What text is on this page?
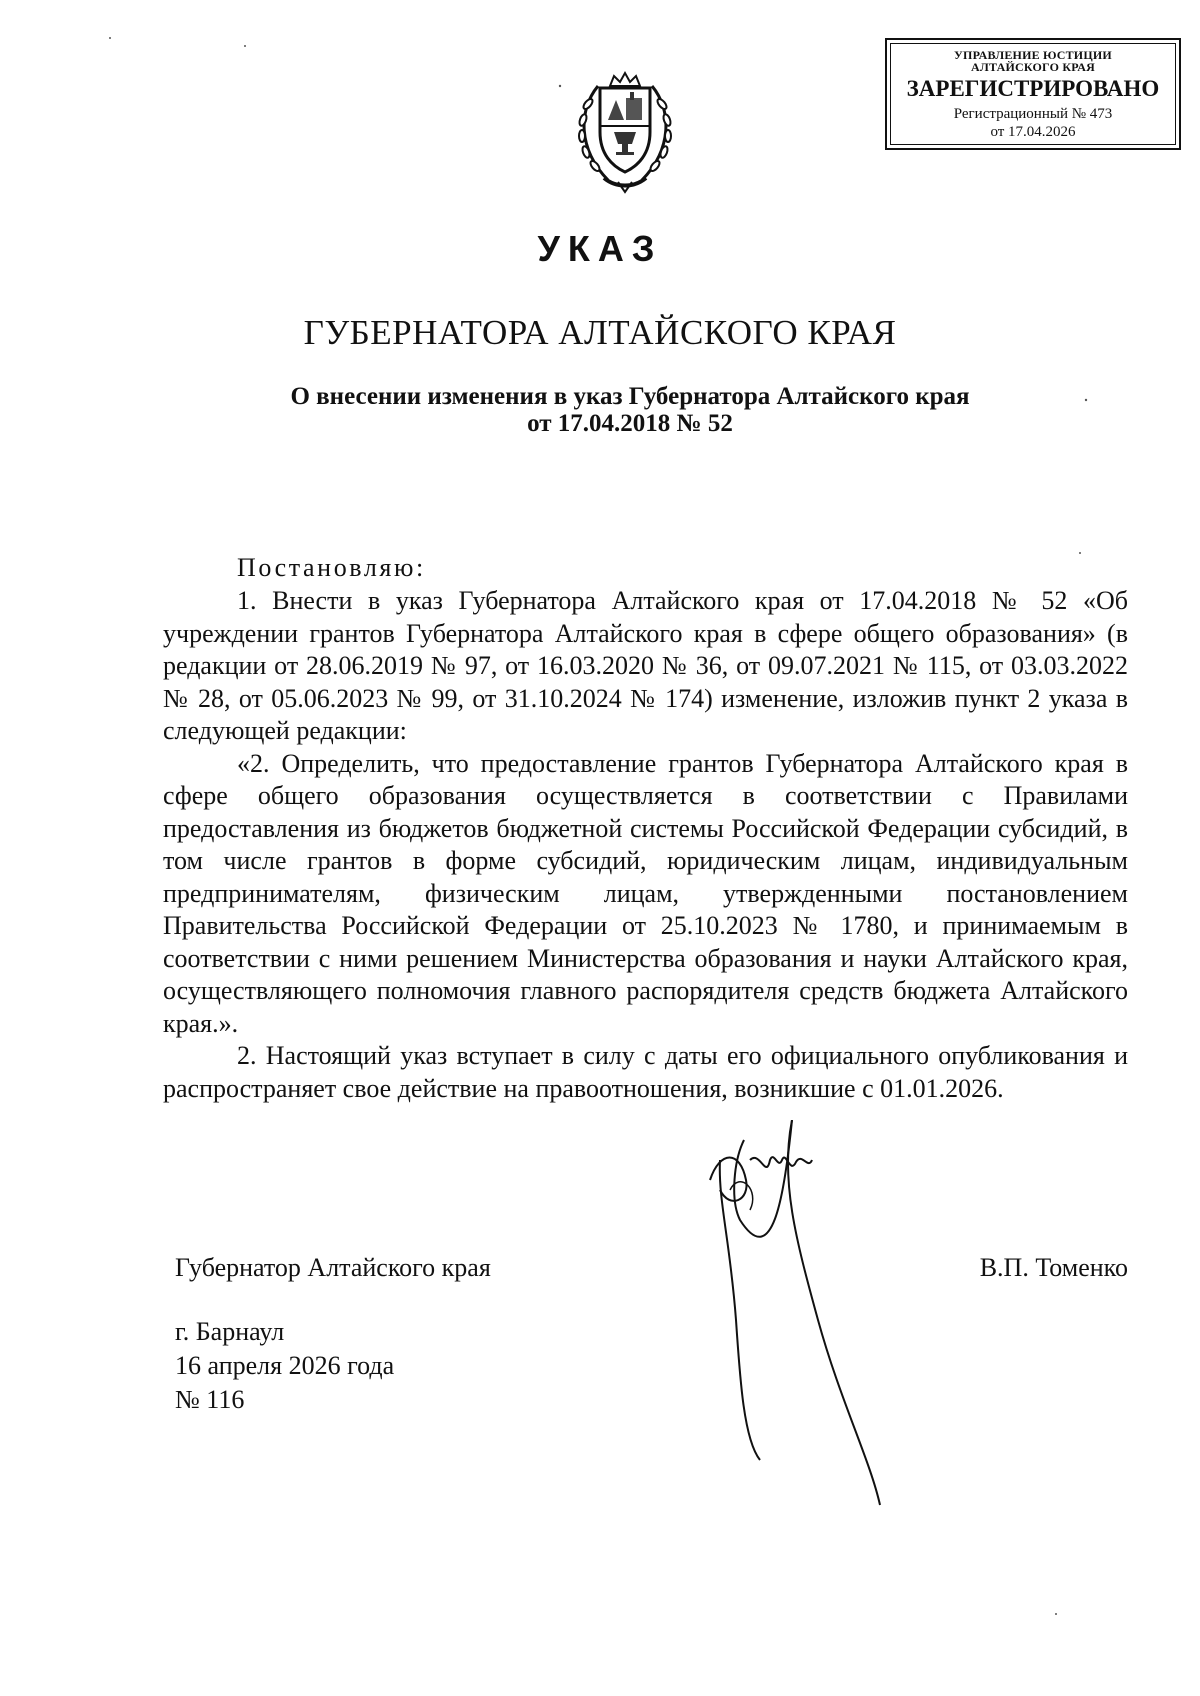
УПРАВЛЕНИЕ ЮСТИЦИИ
АЛТАЙСКОГО КРАЯ
ЗАРЕГИСТРИРОВАНО
Регистрационный № 473
от 17.04.2026
УКАЗ
ГУБЕРНАТОРА АЛТАЙСКОГО КРАЯ
О внесении изменения в указ Губернатора Алтайского края
от 17.04.2018 № 52
Постановляю:

1. Внести в указ Губернатора Алтайского края от 17.04.2018 № 52 «Об учреждении грантов Губернатора Алтайского края в сфере общего образования» (в редакции от 28.06.2019 № 97, от 16.03.2020 № 36, от 09.07.2021 № 115, от 03.03.2022 № 28, от 05.06.2023 № 99, от 31.10.2024 № 174) изменение, изложив пункт 2 указа в следующей редакции:

«2. Определить, что предоставление грантов Губернатора Алтайского края в сфере общего образования осуществляется в соответствии с Правилами предоставления из бюджетов бюджетной системы Российской Федерации субсидий, в том числе грантов в форме субсидий, юридическим лицам, индивидуальным предпринимателям, физическим лицам, утвержденными постановлением Правительства Российской Федерации от 25.10.2023 № 1780, и принимаемым в соответствии с ними решением Министерства образования и науки Алтайского края, осуществляющего полномочия главного распорядителя средств бюджета Алтайского края.».

2. Настоящий указ вступает в силу с даты его официального опубликования и распространяет свое действие на правоотношения, возникшие с 01.01.2026.

Губернатор Алтайского края	В.П. Томенко
г. Барнаул
16 апреля 2026 года
№ 116
